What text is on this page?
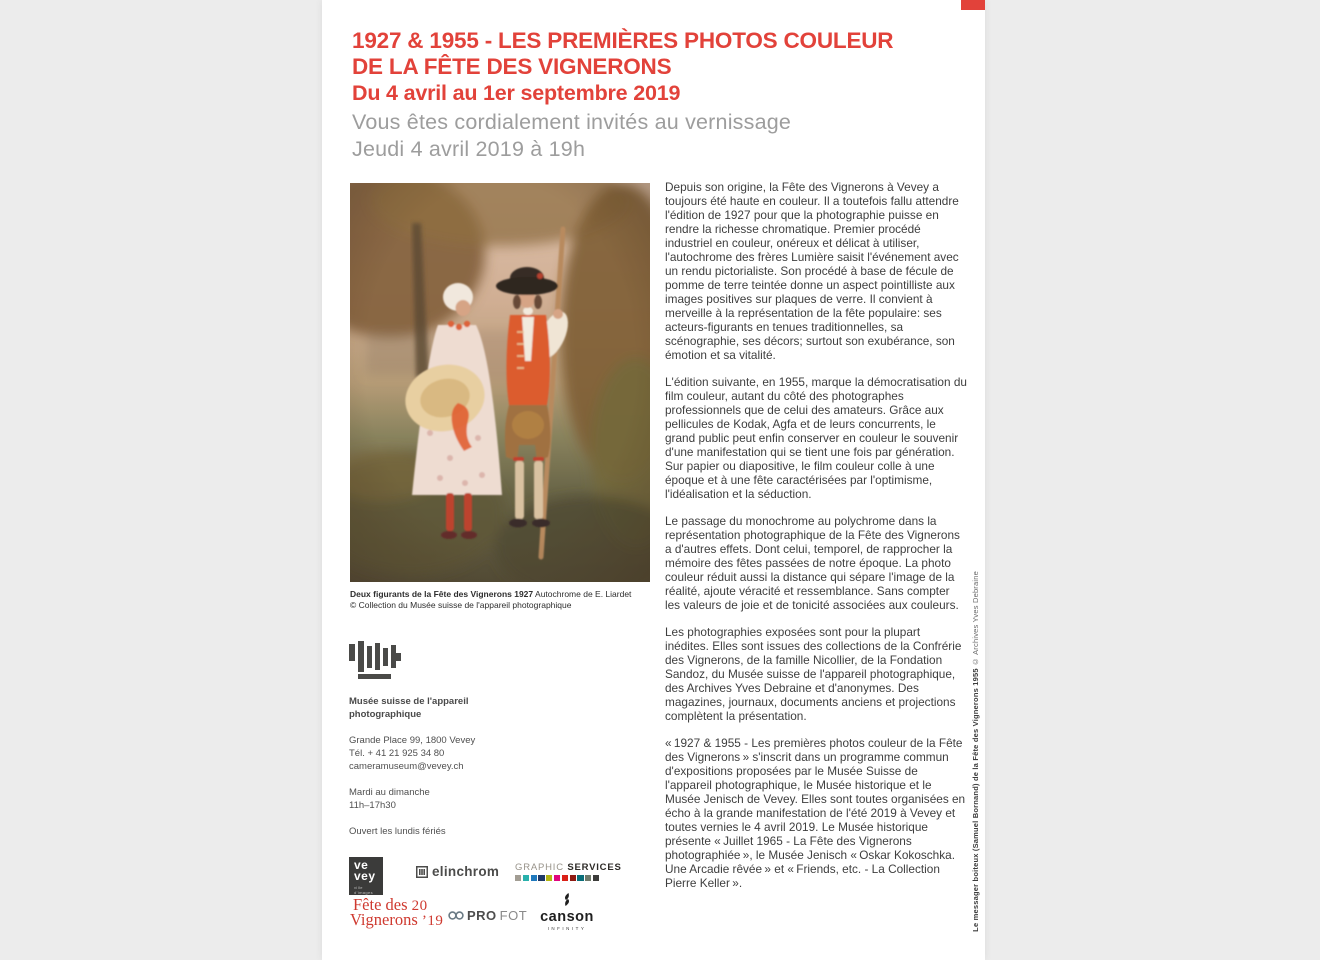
1927 & 1955 - LES PREMIÈRES PHOTOS COULEUR
DE LA FÊTE DES VIGNERONS
Du 4 avril au 1er septembre 2019

Vous êtes cordialement invités au vernissage

Jeudi 4 avril 2019 à 19h

Deux figurants de la Fête des Vignerons 1927 Autochrome de E. Liardet
© Collection du Musée suisse de l'appareil photographique

Depuis son origine, la Fête des Vignerons à Vevey a toujours été haute en couleur. Il a toutefois fallu attendre l'édition de 1927 pour que la photographie puisse en rendre la richesse chromatique. Premier procédé industriel en couleur, onéreux et délicat à utiliser, l'autochrome des frères Lumière saisit l'événement avec un rendu pictorialiste. Son procédé à base de fécule de pomme de terre teintée donne un aspect pointilliste aux images positives sur plaques de verre. Il convient à merveille à la représentation de la fête populaire: ses acteurs-figurants en tenues traditionnelles, sa scénographie, ses décors; surtout son exubérance, son émotion et sa vitalité.

L'édition suivante, en 1955, marque la démocratisation du film couleur, autant du côté des photographes professionnels que de celui des amateurs. Grâce aux pellicules de Kodak, Agfa et de leurs concurrents, le grand public peut enfin conserver en couleur le souvenir d'une manifestation qui se tient une fois par génération. Sur papier ou diapositive, le film couleur colle à une époque et à une fête caractérisées par l'optimisme, l'idéalisation et la séduction.

Le passage du monochrome au polychrome dans la représentation photographique de la Fête des Vignerons a d'autres effets. Dont celui, temporel, de rapprocher la mémoire des fêtes passées de notre époque. La photo couleur réduit aussi la distance qui sépare l'image de la réalité, ajoute véracité et ressemblance. Sans compter les valeurs de joie et de tonicité associées aux couleurs.

Les photographies exposées sont pour la plupart inédites. Elles sont issues des collections de la Confrérie des Vignerons, de la famille Nicollier, de la Fondation Sandoz, du Musée suisse de l'appareil photographique, des Archives Yves Debraine et d'anonymes. Des magazines, journaux, documents anciens et projections complètent la présentation.

« 1927 & 1955 - Les premières photos couleur de la Fête des Vignerons » s'inscrit dans un programme commun d'expositions proposées par le Musée Suisse de l'appareil photographique, le Musée historique et le Musée Jenisch de Vevey. Elles sont toutes organisées en écho à la grande manifestation de l'été 2019 à Vevey et toutes vernies le 4 avril 2019. Le Musée historique présente « Juillet 1965 - La Fête des Vignerons photographiée », le Musée Jenisch « Oskar Kokoschka. Une Arcadie rêvée » et « Friends, etc. - La Collection Pierre Keller ».

Musée suisse de l'appareil photographique

Grande Place 99, 1800 Vevey

Tél. + 41 21 925 34 80

cameramuseum@vevey.ch

Mardi au dimanche

11h–17h30

Ouvert les lundis fériés

ve
vey
ville d'images
elinchrom GRAPHIC SERVICES
Fête des 20
Vignerons ’19 PRO FOT canson
INFINITY	Le messager boiteux (Samuel Bornand) de la Fête des Vignerons 1955 © Archives Yves Debraine
